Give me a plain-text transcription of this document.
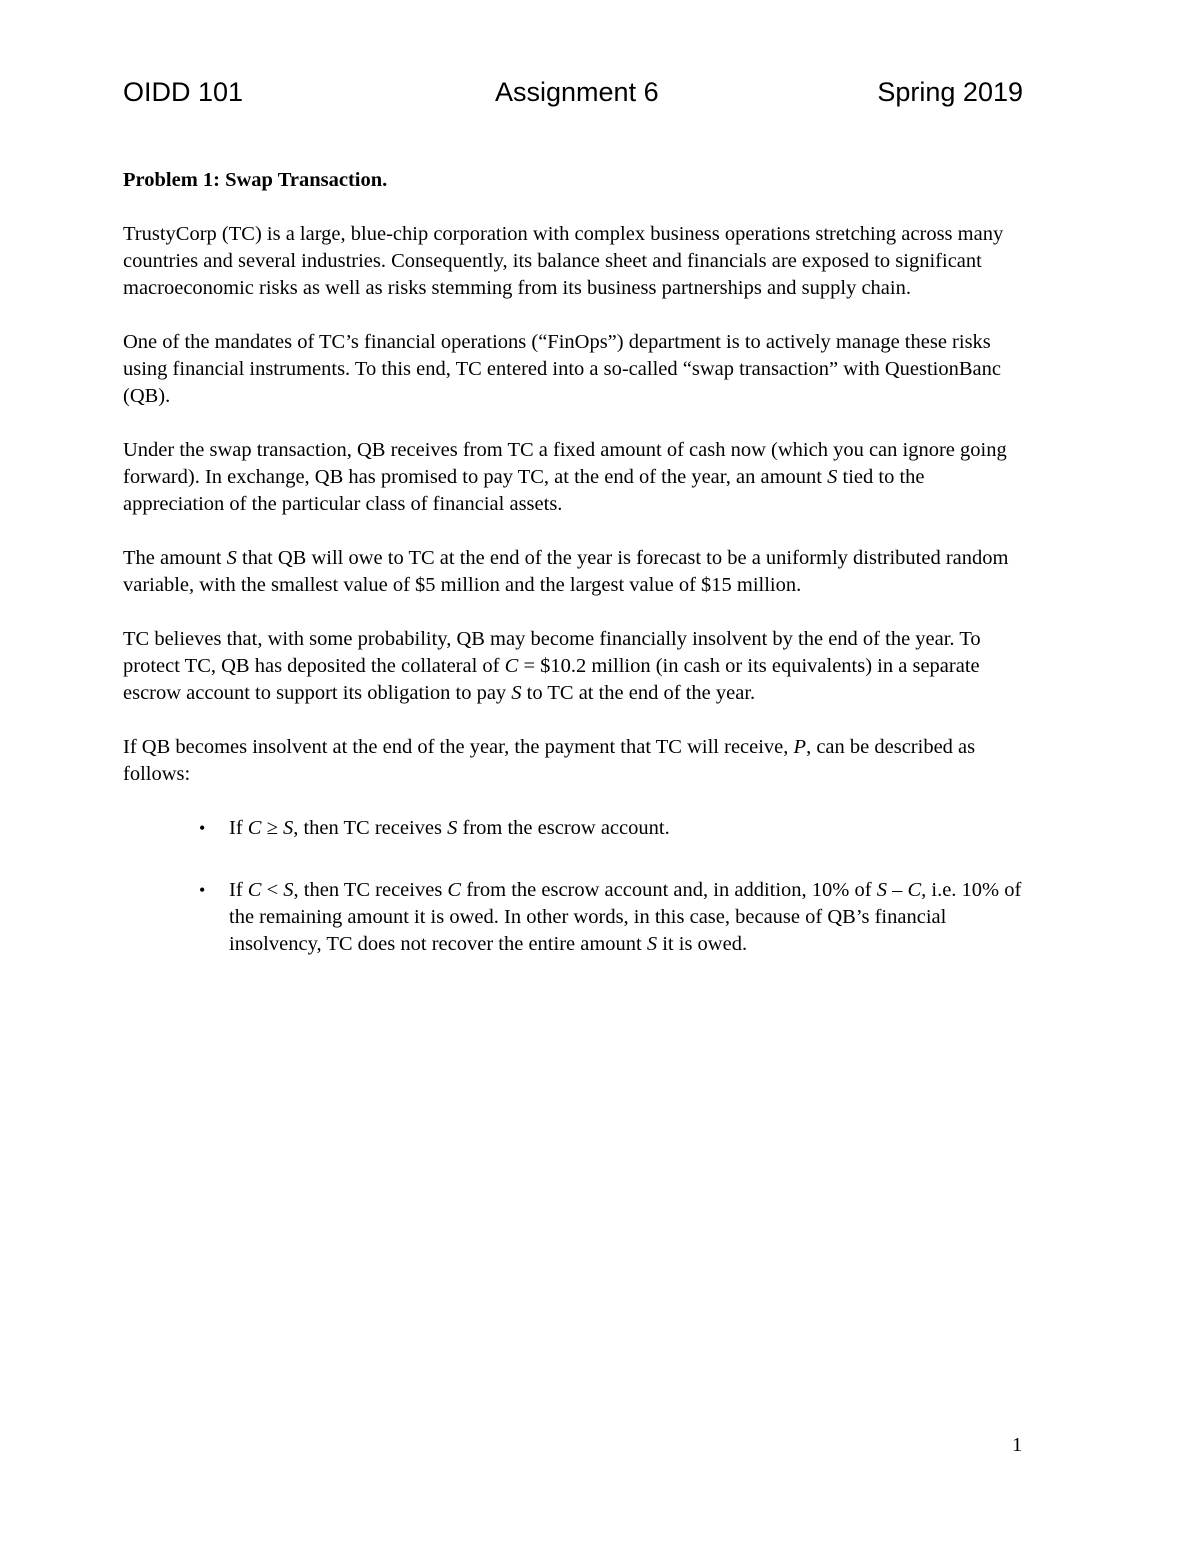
OIDD 101	Assignment 6	Spring 2019
Problem 1: Swap Transaction.

TrustyCorp (TC) is a large, blue-chip corporation with complex business operations stretching across many countries and several industries. Consequently, its balance sheet and financials are exposed to significant macroeconomic risks as well as risks stemming from its business partnerships and supply chain.

One of the mandates of TC’s financial operations (“FinOps”) department is to actively manage these risks using financial instruments. To this end, TC entered into a so-called “swap transaction” with QuestionBanc (QB).

Under the swap transaction, QB receives from TC a fixed amount of cash now (which you can ignore going forward). In exchange, QB has promised to pay TC, at the end of the year, an amount S tied to the appreciation of the particular class of financial assets.

The amount S that QB will owe to TC at the end of the year is forecast to be a uniformly distributed random variable, with the smallest value of $5 million and the largest value of $15 million.

TC believes that, with some probability, QB may become financially insolvent by the end of the year. To protect TC, QB has deposited the collateral of C = $10.2 million (in cash or its equivalents) in a separate escrow account to support its obligation to pay S to TC at the end of the year.

If QB becomes insolvent at the end of the year, the payment that TC will receive, P, can be described as follows:

• If C ≥ S, then TC receives S from the escrow account.
• If C < S, then TC receives C from the escrow account and, in addition, 10% of S – C, i.e. 10% of the remaining amount it is owed. In other words, in this case, because of QB’s financial insolvency, TC does not recover the entire amount S it is owed.
1
